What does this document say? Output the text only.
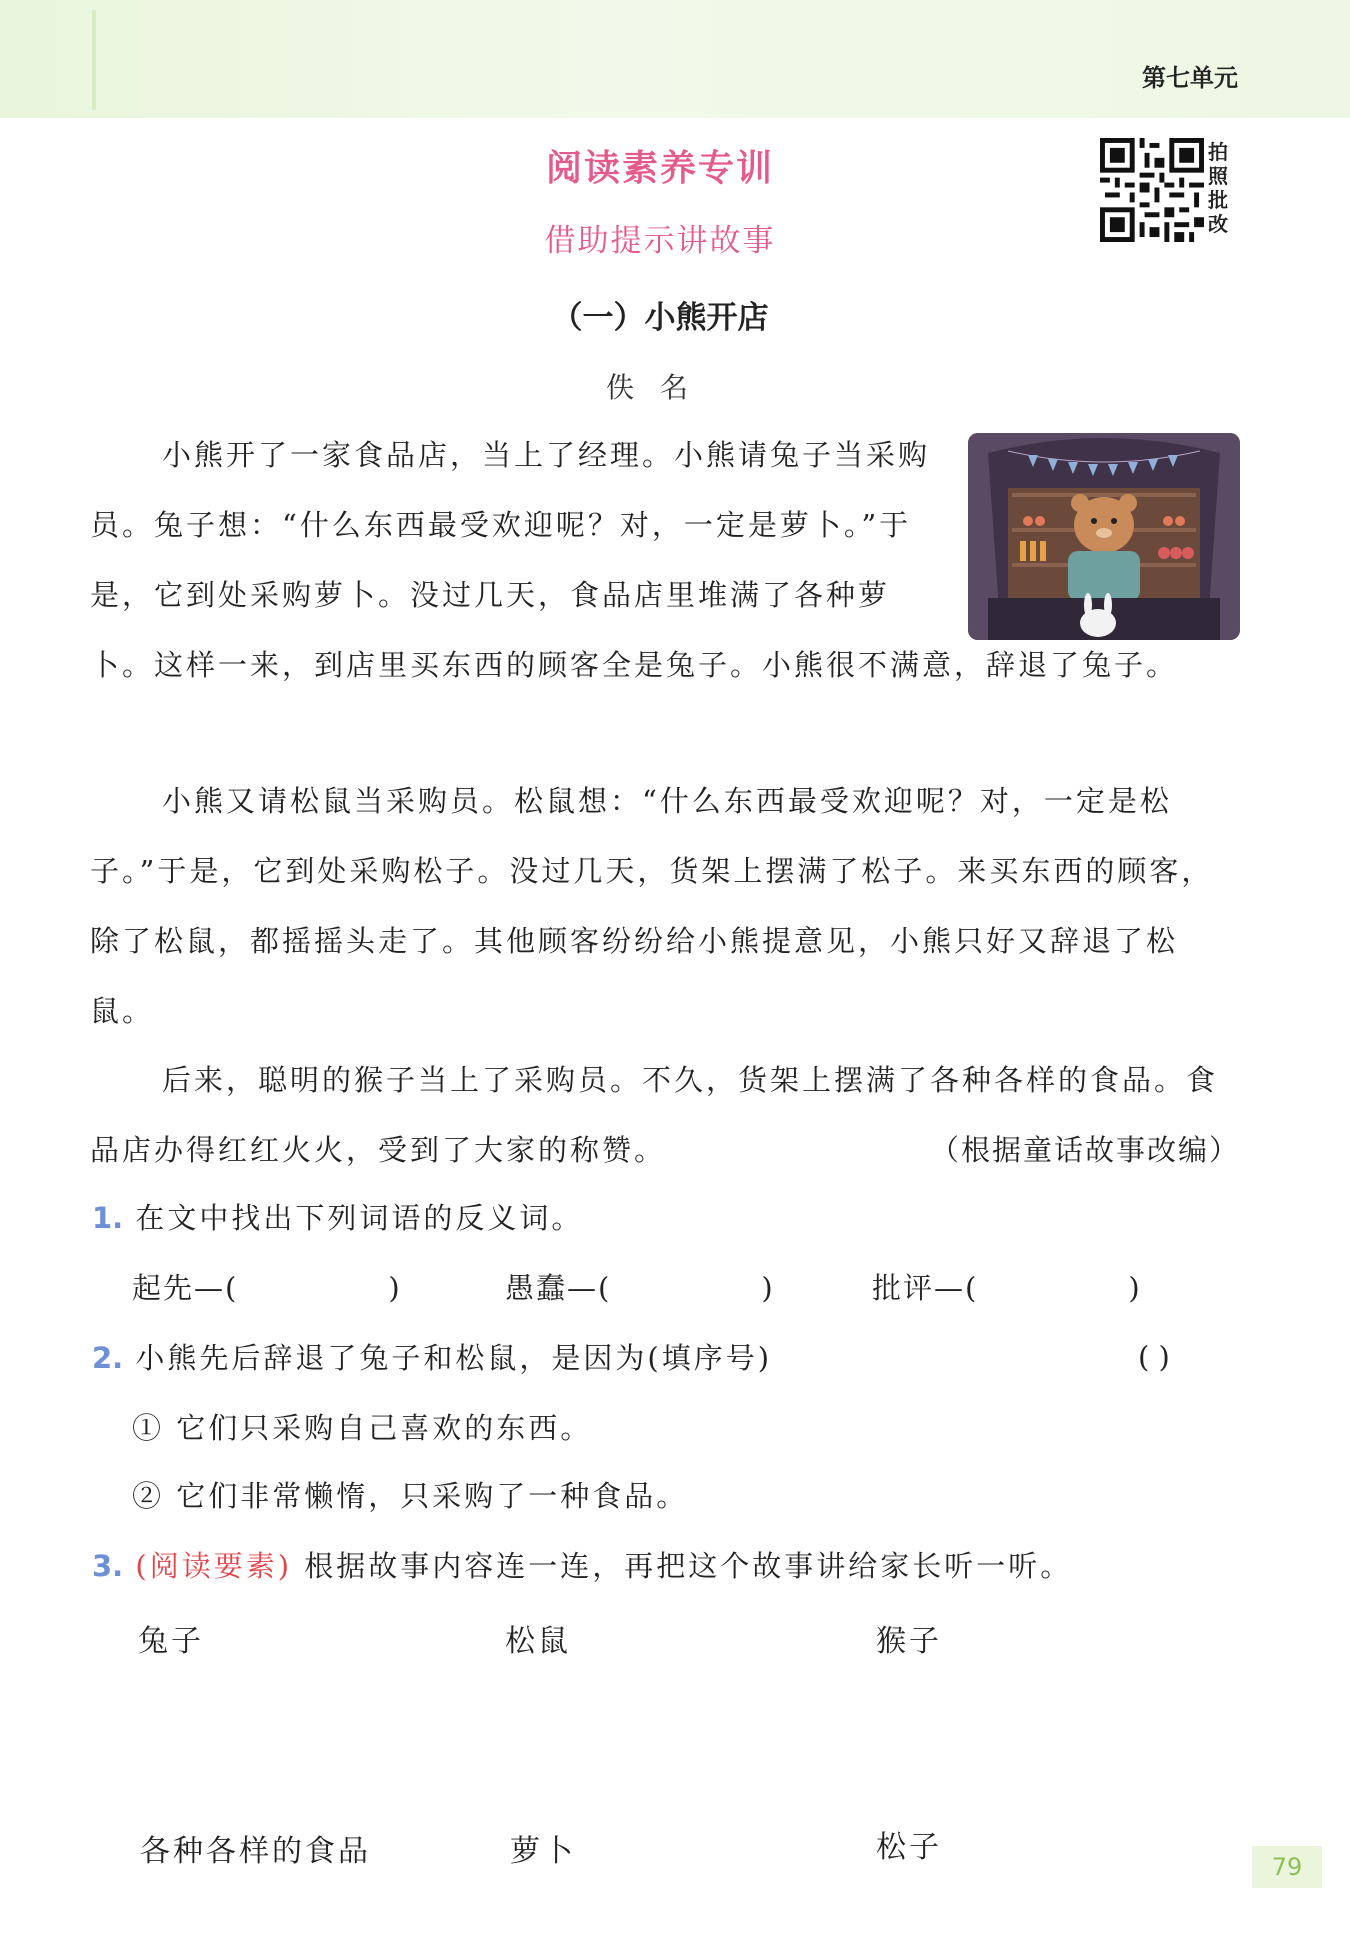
第七单元
阅读素养专训
借助提示讲故事
拍照批改
（一）小熊开店
佚名

小熊开了一家食品店，当上了经理。小熊请兔子当采购员。兔子想：“什么东西最受欢迎呢？对，一定是萝卜。”于是，它到处采购萝卜。没过几天，食品店里堆满了各种萝卜。这样一来，到店里买东西的顾客全是兔子。小熊很不满意，辞退了兔子。

小熊又请松鼠当采购员。松鼠想：“什么东西最受欢迎呢？对，一定是松子。”于是，它到处采购松子。没过几天，货架上摆满了松子。来买东西的顾客，除了松鼠，都摇摇头走了。其他顾客纷纷给小熊提意见，小熊只好又辞退了松鼠。

后来，聪明的猴子当上了采购员。不久，货架上摆满了各种各样的食品。食品店办得红红火火，受到了大家的称赞。	（根据童话故事改编）

1. 在文中找出下列词语的反义词。
起先—(	)	愚蠢—(	)	批评—(	)
2. 小熊先后辞退了兔子和松鼠，是因为(填序号)	( )
① 它们只采购自己喜欢的东西。
② 它们非常懒惰，只采购了一种食品。
3. (阅读要素) 根据故事内容连一连，再把这个故事讲给家长听一听。
兔子	松鼠	猴子
各种各样的食品	萝卜	松子
79
